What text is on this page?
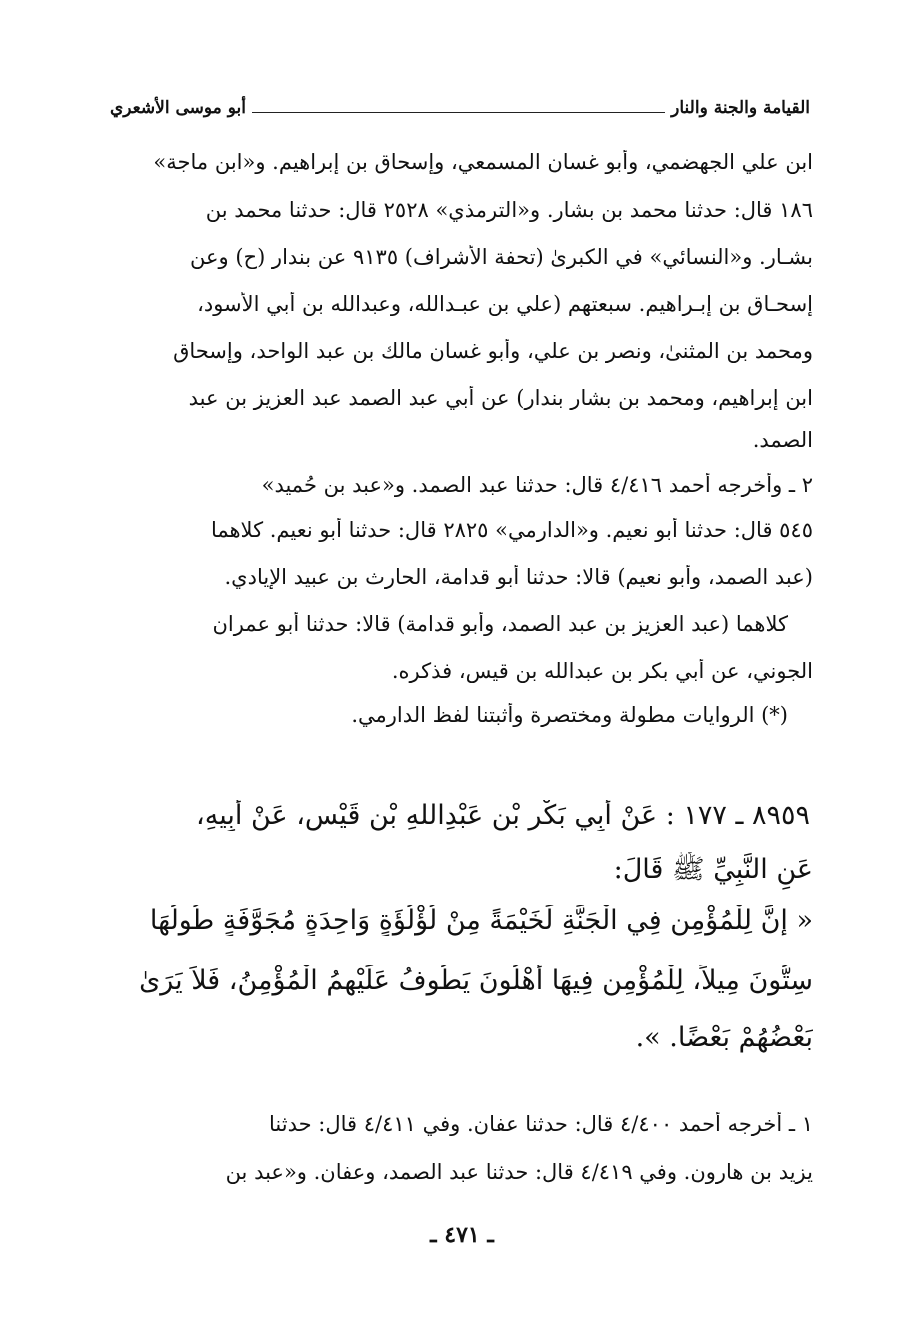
القيامة والجنة والنار
أبو موسى الأشعري
ابن علي الجهضمي، وأبو غسان المسمعي، وإسحاق بن إبراهيم. و«ابن ماجة»
١٨٦ قال: حدثنا محمد بن بشار. و«الترمذي» ٢٥٢٨ قال: حدثنا محمد بن
بشـار. و«النسائي» في الكبرىٰ (تحفة الأشراف) ٩١٣٥ عن بندار (ح) وعن
إسحـاق بن إبـراهيم. سبعتهم (علي بن عبـدالله، وعبدالله بن أبي الأسود،
ومحمد بن المثنىٰ، ونصر بن علي، وأبو غسان مالك بن عبد الواحد، وإسحاق
ابن إبراهيم، ومحمد بن بشار بندار) عن أبي عبد الصمد عبد العزيز بن عبد
الصمد.
٢ ـ وأخرجه أحمد ٤/٤١٦ قال: حدثنا عبد الصمد. و«عبد بن حُميد»
٥٤٥ قال: حدثنا أبو نعيم. و«الدارمي» ٢٨٢٥ قال: حدثنا أبو نعيم. كلاهما
(عبد الصمد، وأبو نعيم) قالا: حدثنا أبو قدامة، الحارث بن عبيد الإيادي.
كلاهما (عبد العزيز بن عبد الصمد، وأبو قدامة) قالا: حدثنا أبو عمران
الجوني، عن أبي بكر بن عبدالله بن قيس، فذكره.
(*) الروايات مطولة ومختصرة وأثبتنا لفظ الدارمي.
٨٩٥٩ ـ ١٧٧ : عَنْ أَبِي بَكْرِ بْنِ عَبْدِاللهِ بْنِ قَيْسٍ، عَنْ أَبِيهِ،
عَنِ النَّبِيِّ ﷺ قَالَ:
« إِنَّ لِلْمُؤْمِنِ فِي الْجَنَّةِ لَخَيْمَةً مِنْ لُؤْلُؤَةٍ وَاحِدَةٍ مُجَوَّفَةٍ طُولُهَا
سِتُّونَ مِيلاً، لِلْمُؤْمِنِ فِيهَا أَهْلُونَ يَطُوفُ عَلَيْهِمُ الْمُؤْمِنُ، فَلاَ يَرَىٰ
بَعْضُهُمْ بَعْضًا. ».
١ ـ أخرجه أحمد ٤/٤٠٠ قال: حدثنا عفان. وفي ٤/٤١١ قال: حدثنا
يزيد بن هارون. وفي ٤/٤١٩ قال: حدثنا عبد الصمد، وعفان. و«عبد بن
ـ ٤٧١ ـ
